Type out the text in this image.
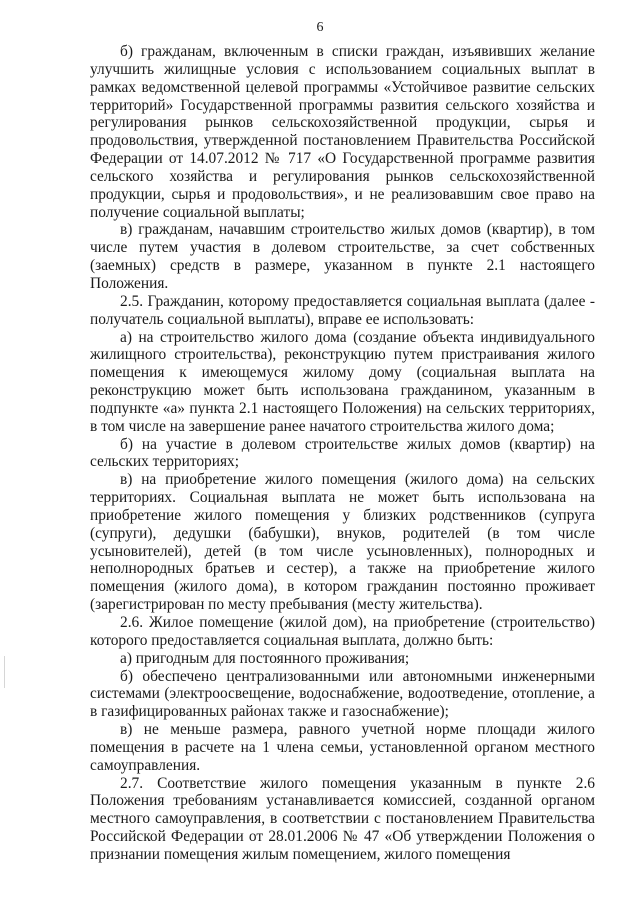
6

б) гражданам, включенным в списки граждан, изъявивших желание улучшить жилищные условия с использованием социальных выплат в рамках ведомственной целевой программы «Устойчивое развитие сельских территорий» Государственной программы развития сельского хозяйства и регулирования рынков сельскохозяйственной продукции, сырья и продовольствия, утвержденной постановлением Правительства Российской Федерации от 14.07.2012 № 717 «О Государственной программе развития сельского хозяйства и регулирования рынков сельскохозяйственной продукции, сырья и продовольствия», и не реализовавшим свое право на получение социальной выплаты;

в) гражданам, начавшим строительство жилых домов (квартир), в том числе путем участия в долевом строительстве, за счет собственных (заемных) средств в размере, указанном в пункте 2.1 настоящего Положения.

2.5. Гражданин, которому предоставляется социальная выплата (далее - получатель социальной выплаты), вправе ее использовать:

а) на строительство жилого дома (создание объекта индивидуального жилищного строительства), реконструкцию путем пристраивания жилого помещения к имеющемуся жилому дому (социальная выплата на реконструкцию может быть использована гражданином, указанным в подпункте «а» пункта 2.1 настоящего Положения) на сельских территориях, в том числе на завершение ранее начатого строительства жилого дома;

б) на участие в долевом строительстве жилых домов (квартир) на сельских территориях;

в) на приобретение жилого помещения (жилого дома) на сельских территориях. Социальная выплата не может быть использована на приобретение жилого помещения у близких родственников (супруга (супруги), дедушки (бабушки), внуков, родителей (в том числе усыновителей), детей (в том числе усыновленных), полнородных и неполнородных братьев и сестер), а также на приобретение жилого помещения (жилого дома), в котором гражданин постоянно проживает (зарегистрирован по месту пребывания (месту жительства).

2.6. Жилое помещение (жилой дом), на приобретение (строительство) которого предоставляется социальная выплата, должно быть:

а) пригодным для постоянного проживания;

б) обеспечено централизованными или автономными инженерными системами (электроосвещение, водоснабжение, водоотведение, отопление, а в газифицированных районах также и газоснабжение);

в) не меньше размера, равного учетной норме площади жилого помещения в расчете на 1 члена семьи, установленной органом местного самоуправления.

2.7. Соответствие жилого помещения указанным в пункте 2.6 Положения требованиям устанавливается комиссией, созданной органом местного самоуправления, в соответствии с постановлением Правительства Российской Федерации от 28.01.2006 № 47 «Об утверждении Положения о признании помещения жилым помещением, жилого помещения
